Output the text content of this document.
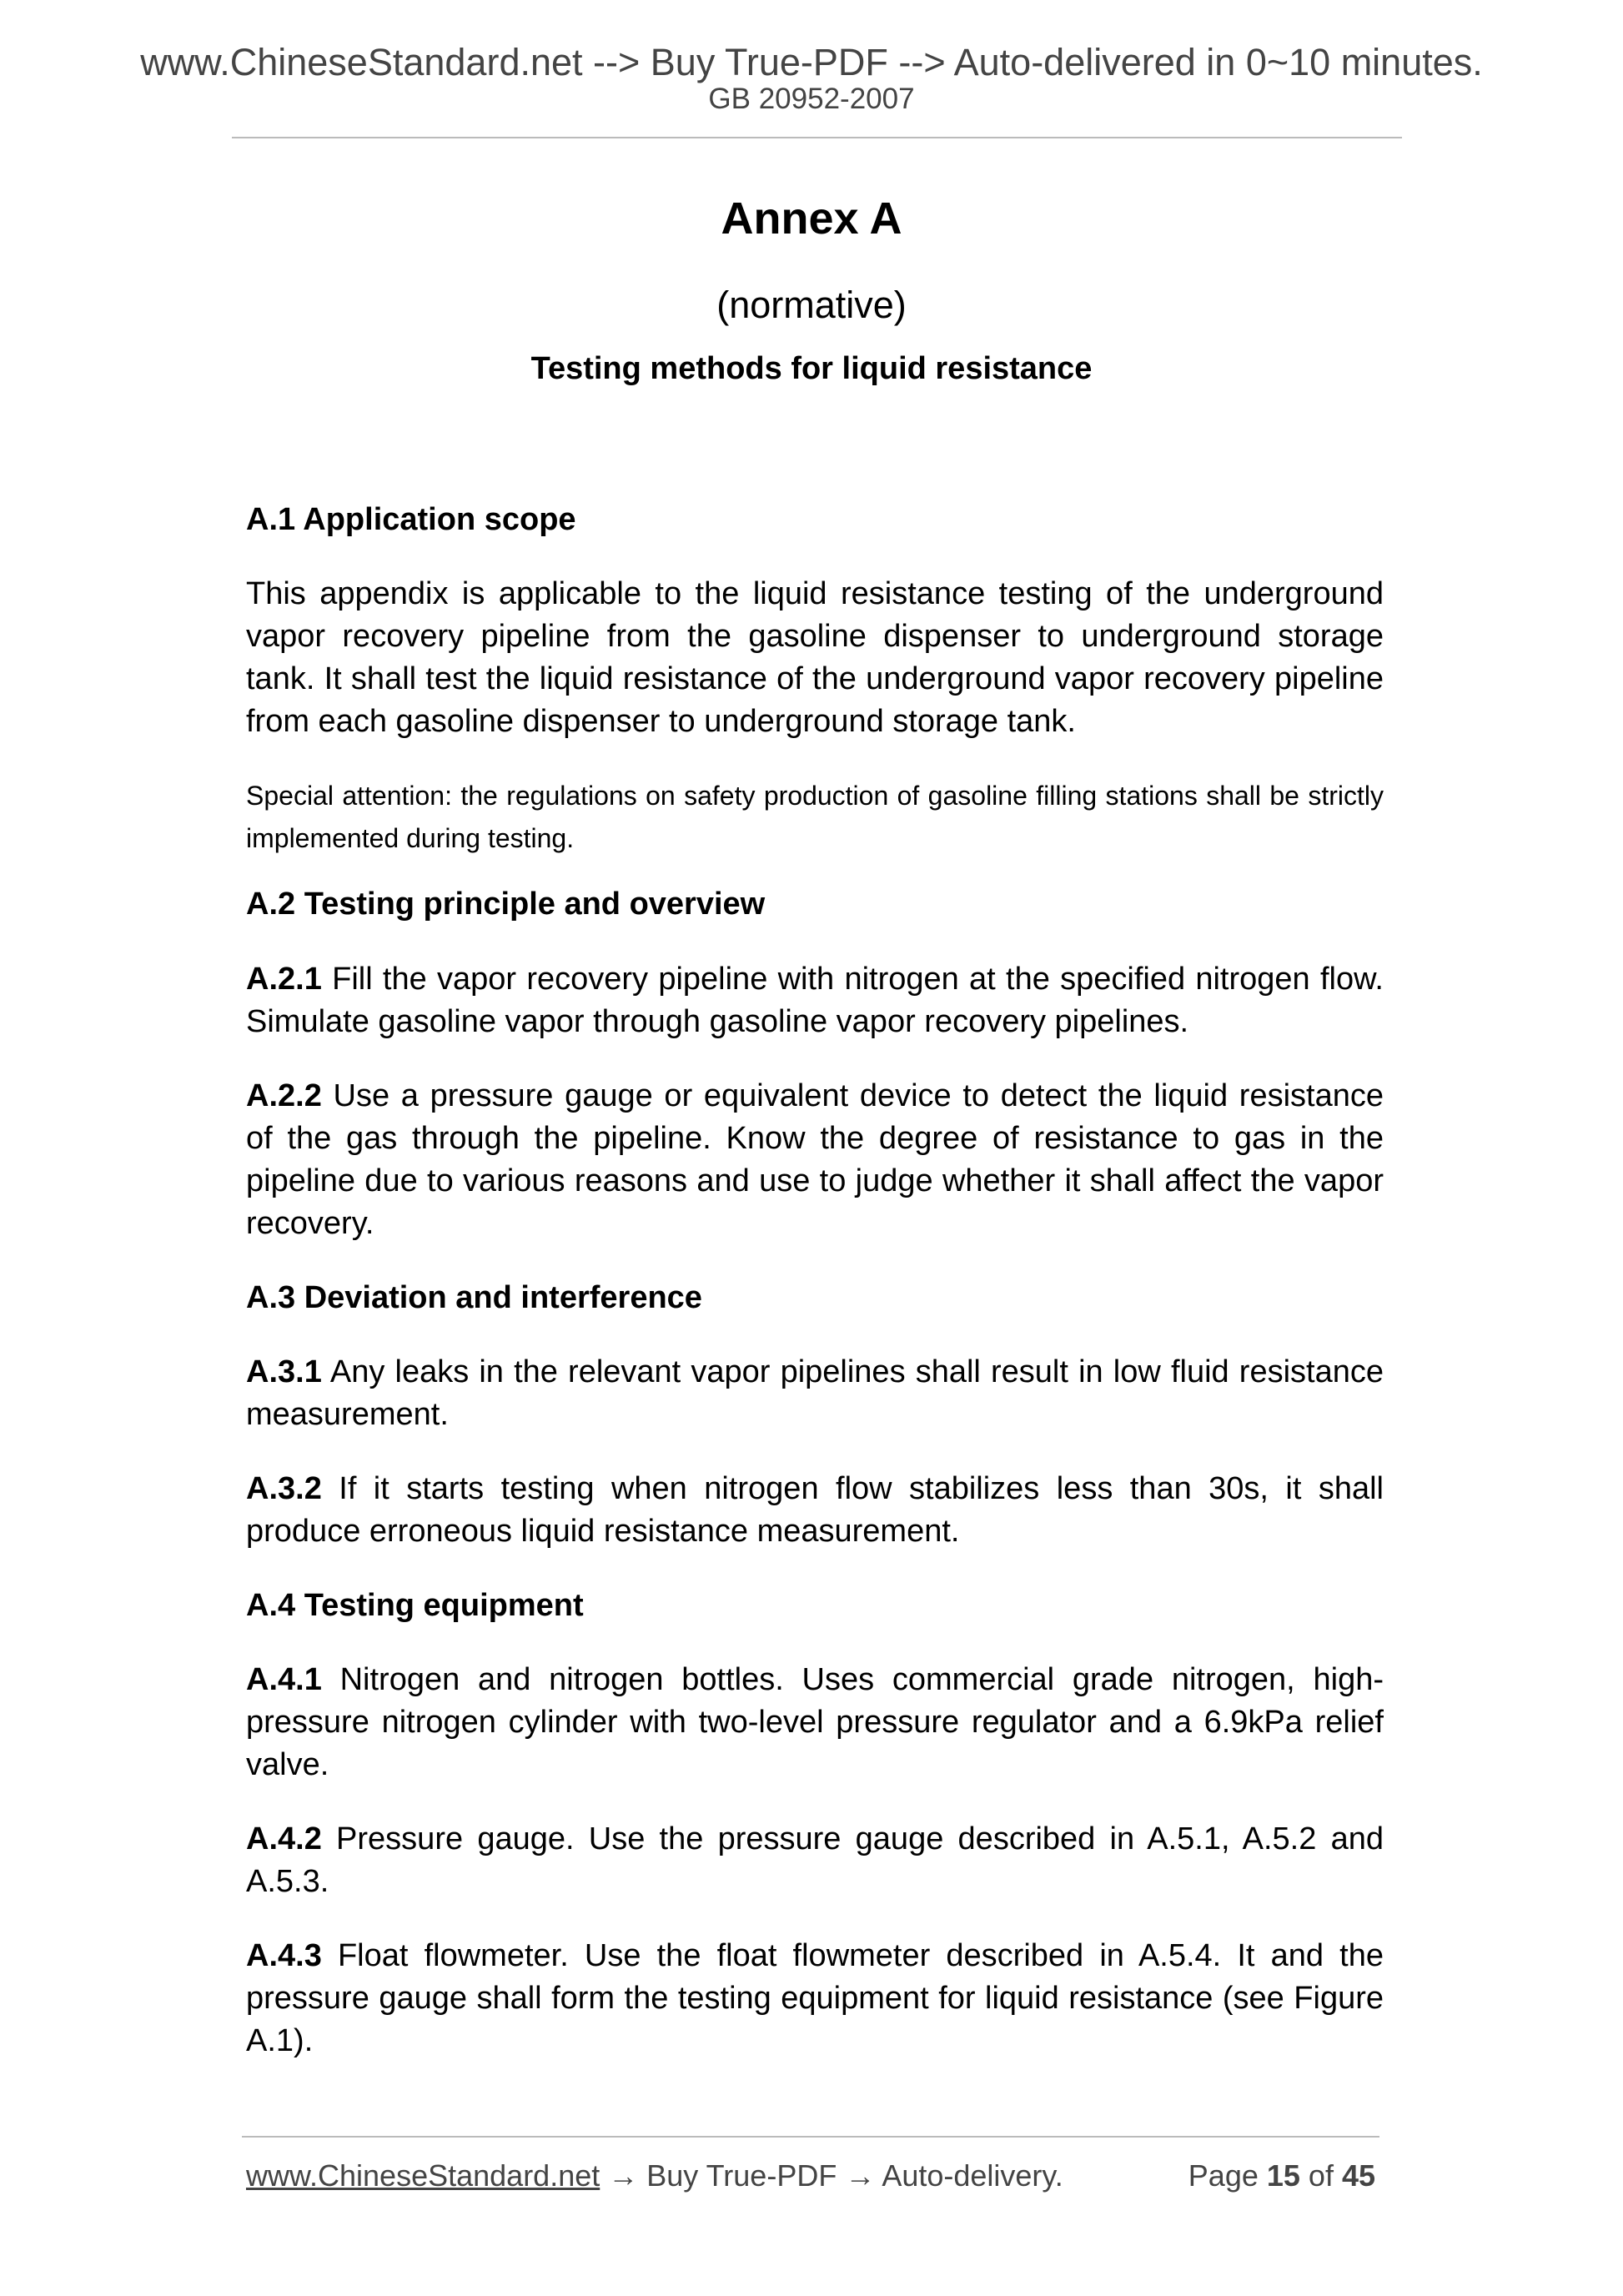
www.ChineseStandard.net --> Buy True-PDF --> Auto-delivered in 0~10 minutes.
GB 20952-2007
Annex A
(normative)
Testing methods for liquid resistance
A.1 Application scope
This appendix is applicable to the liquid resistance testing of the underground vapor recovery pipeline from the gasoline dispenser to underground storage tank. It shall test the liquid resistance of the underground vapor recovery pipeline from each gasoline dispenser to underground storage tank.
Special attention: the regulations on safety production of gasoline filling stations shall be strictly implemented during testing.
A.2 Testing principle and overview
A.2.1 Fill the vapor recovery pipeline with nitrogen at the specified nitrogen flow. Simulate gasoline vapor through gasoline vapor recovery pipelines.
A.2.2 Use a pressure gauge or equivalent device to detect the liquid resistance of the gas through the pipeline. Know the degree of resistance to gas in the pipeline due to various reasons and use to judge whether it shall affect the vapor recovery.
A.3 Deviation and interference
A.3.1 Any leaks in the relevant vapor pipelines shall result in low fluid resistance measurement.
A.3.2 If it starts testing when nitrogen flow stabilizes less than 30s, it shall produce erroneous liquid resistance measurement.
A.4 Testing equipment
A.4.1 Nitrogen and nitrogen bottles. Uses commercial grade nitrogen, high-pressure nitrogen cylinder with two-level pressure regulator and a 6.9kPa relief valve.
A.4.2 Pressure gauge. Use the pressure gauge described in A.5.1, A.5.2 and A.5.3.
A.4.3 Float flowmeter. Use the float flowmeter described in A.5.4. It and the pressure gauge shall form the testing equipment for liquid resistance (see Figure A.1).
www.ChineseStandard.net → Buy True-PDF → Auto-delivery.	Page 15 of 45
